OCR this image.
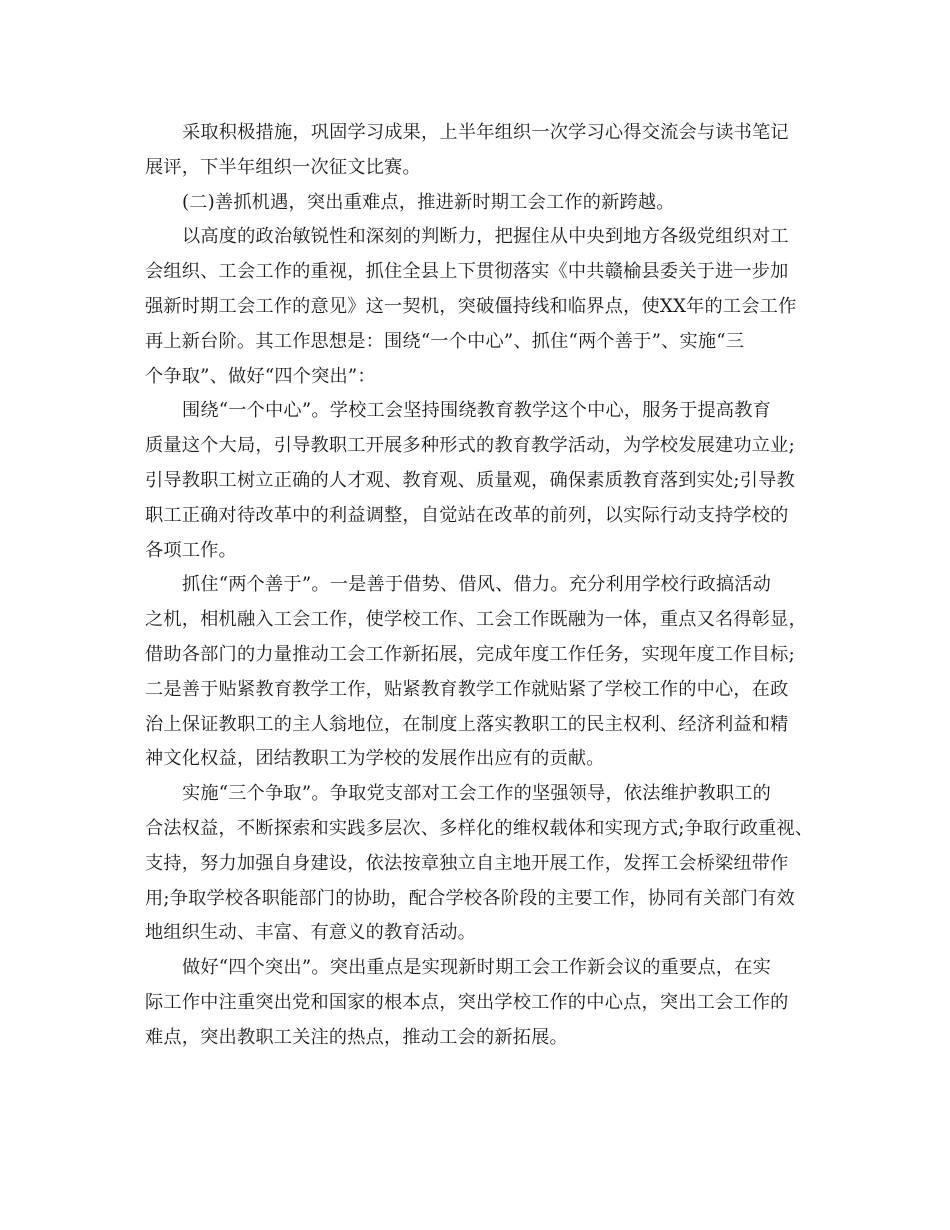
采取积极措施，巩固学习成果，上半年组织一次学习心得交流会与读书笔记
展评，下半年组织一次征文比赛。
(二)善抓机遇，突出重难点，推进新时期工会工作的新跨越。
以高度的政治敏锐性和深刻的判断力，把握住从中央到地方各级党组织对工
会组织、工会工作的重视，抓住全县上下贯彻落实《中共赣榆县委关于进一步加
强新时期工会工作的意见》这一契机，突破僵持线和临界点，使XX年的工会工作
再上新台阶。其工作思想是：围绕“一个中心”、抓住“两个善于”、实施“三
个争取”、做好“四个突出”：
围绕“一个中心”。学校工会坚持围绕教育教学这个中心，服务于提高教育
质量这个大局，引导教职工开展多种形式的教育教学活动，为学校发展建功立业;
引导教职工树立正确的人才观、教育观、质量观，确保素质教育落到实处;引导教
职工正确对待改革中的利益调整，自觉站在改革的前列，以实际行动支持学校的
各项工作。
抓住“两个善于”。一是善于借势、借风、借力。充分利用学校行政搞活动
之机，相机融入工会工作，使学校工作、工会工作既融为一体，重点又名得彰显，
借助各部门的力量推动工会工作新拓展，完成年度工作任务，实现年度工作目标;
二是善于贴紧教育教学工作，贴紧教育教学工作就贴紧了学校工作的中心，在政
治上保证教职工的主人翁地位，在制度上落实教职工的民主权利、经济利益和精
神文化权益，团结教职工为学校的发展作出应有的贡献。
实施“三个争取”。争取党支部对工会工作的坚强领导，依法维护教职工的
合法权益，不断探索和实践多层次、多样化的维权载体和实现方式;争取行政重视、
支持，努力加强自身建设，依法按章独立自主地开展工作，发挥工会桥梁纽带作
用;争取学校各职能部门的协助，配合学校各阶段的主要工作，协同有关部门有效
地组织生动、丰富、有意义的教育活动。
做好“四个突出”。突出重点是实现新时期工会工作新会议的重要点，在实
际工作中注重突出党和国家的根本点，突出学校工作的中心点，突出工会工作的
难点，突出教职工关注的热点，推动工会的新拓展。
